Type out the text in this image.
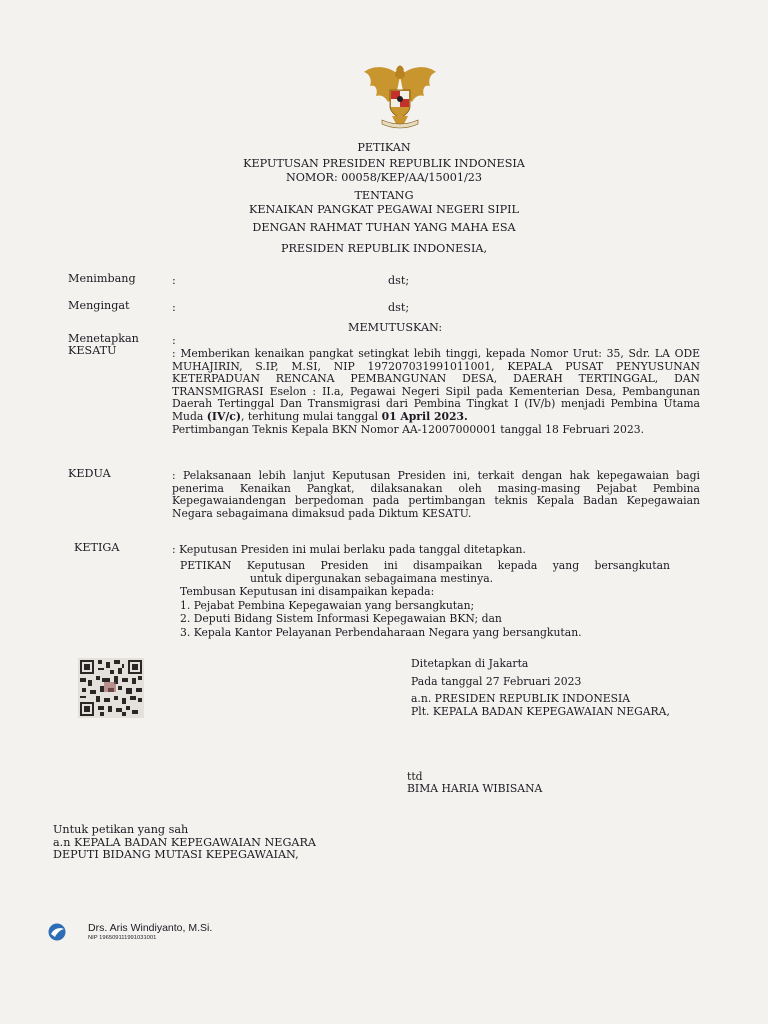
PETIKAN
KEPUTUSAN PRESIDEN REPUBLIK INDONESIA
NOMOR: 00058/KEP/AA/15001/23
TENTANG
KENAIKAN PANGKAT PEGAWAI NEGERI SIPIL
DENGAN RAHMAT TUHAN YANG MAHA ESA
PRESIDEN REPUBLIK INDONESIA,
Menimbang	:	dst;
Mengingat	:	dst;
MEMUTUSKAN:
Menetapkan	:
KESATU	: Memberikan kenaikan pangkat setingkat lebih tinggi, kepada Nomor Urut: 35, Sdr. LA ODE MUHAJIRIN, S.IP, M.SI, NIP 197207031991011001, KEPALA PUSAT PENYUSUNAN KETERPADUAN RENCANA PEMBANGUNAN DESA, DAERAH TERTINGGAL, DAN TRANSMIGRASI Eselon : II.a, Pegawai Negeri Sipil pada Kementerian Desa, Pembangunan Daerah Tertinggal Dan Transmigrasi dari Pembina Tingkat I (IV/b) menjadi Pembina Utama Muda (IV/c), terhitung mulai tanggal 01 April 2023.
Pertimbangan Teknis Kepala BKN Nomor AA-12007000001 tanggal 18 Februari 2023.
KEDUA	: Pelaksanaan lebih lanjut Keputusan Presiden ini, terkait dengan hak kepegawaian bagi penerima Kenaikan Pangkat, dilaksanakan oleh masing-masing Pejabat Pembina Kepegawaiandengan berpedoman pada pertimbangan teknis Kepala Badan Kepegawaian Negara sebagaimana dimaksud pada Diktum KESATU.
KETIGA	: Keputusan Presiden ini mulai berlaku pada tanggal ditetapkan.
PETIKAN Keputusan Presiden ini disampaikan kepada yang bersangkutan
untuk dipergunakan sebagaimana mestinya.
Tembusan Keputusan ini disampaikan kepada:
1. Pejabat Pembina Kepegawaian yang bersangkutan;
2. Deputi Bidang Sistem Informasi Kepegawaian BKN; dan
3. Kepala Kantor Pelayanan Perbendaharaan Negara yang bersangkutan.
Ditetapkan di Jakarta
Pada tanggal 27 Februari 2023
a.n. PRESIDEN REPUBLIK INDONESIA
Plt. KEPALA BADAN KEPEGAWAIAN NEGARA,
ttd
BIMA HARIA WIBISANA
Untuk petikan yang sah
a.n KEPALA BADAN KEPEGAWAIAN NEGARA
DEPUTI BIDANG MUTASI KEPEGAWAIAN,
Drs. Aris Windiyanto, M.Si.
NIP 196509111991031001
